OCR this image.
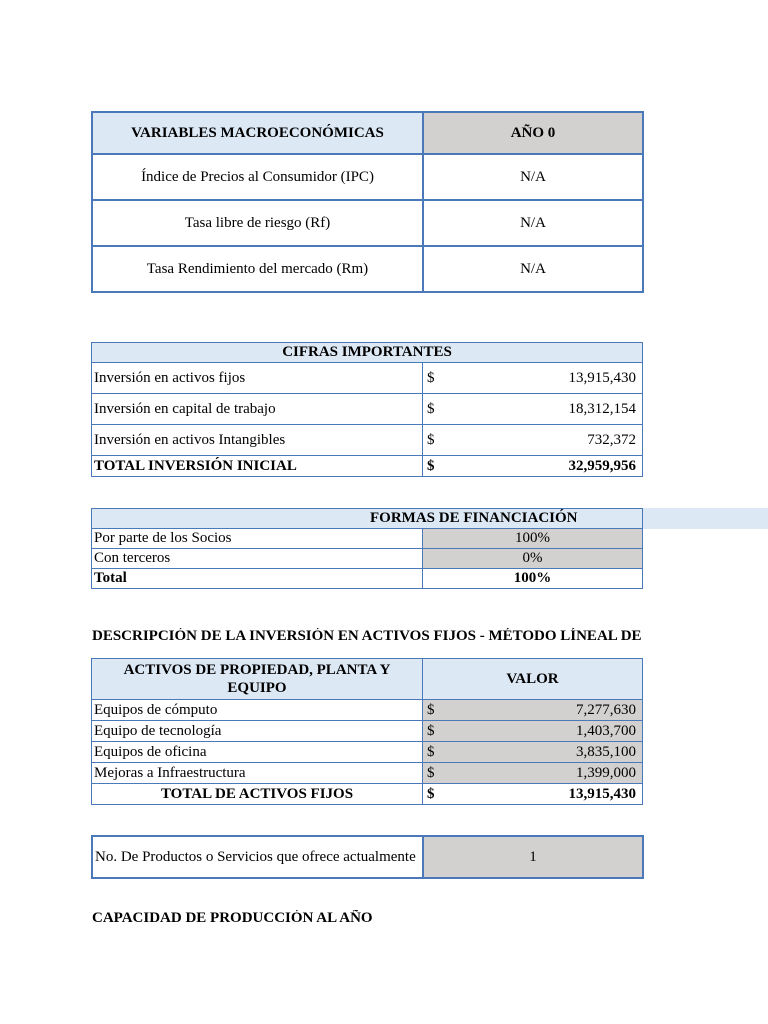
VARIABLES MACROECONÓMICAS	AÑO 0
Índice de Precios al Consumidor (IPC)	N/A
Tasa libre de riesgo (Rf)	N/A
Tasa Rendimiento del mercado (Rm)	N/A
CIFRAS IMPORTANTES		
Inversión en activos fijos	$	13,915,430
Inversión en capital de trabajo	$	18,312,154
Inversión en activos Intangibles	$	732,372
TOTAL INVERSIÓN INICIAL	$	32,959,956
FORMAS DE FINANCIACIÓN	
Por parte de los Socios	100%
Con terceros	0%
Total	100%
DESCRIPCIÓN DE LA INVERSIÓN EN ACTIVOS FIJOS - MÉTODO LÍNEAL DE
ACTIVOS DE PROPIEDAD, PLANTA Y EQUIPO	VALOR	
Equipos de cómputo	$	7,277,630
Equipo de tecnología	$	1,403,700
Equipos de oficina	$	3,835,100
Mejoras a Infraestructura	$	1,399,000
TOTAL DE ACTIVOS FIJOS	$	13,915,430
No. De Productos o Servicios que ofrece actualmente	1
CAPACIDAD DE PRODUCCIÓN AL AÑO
